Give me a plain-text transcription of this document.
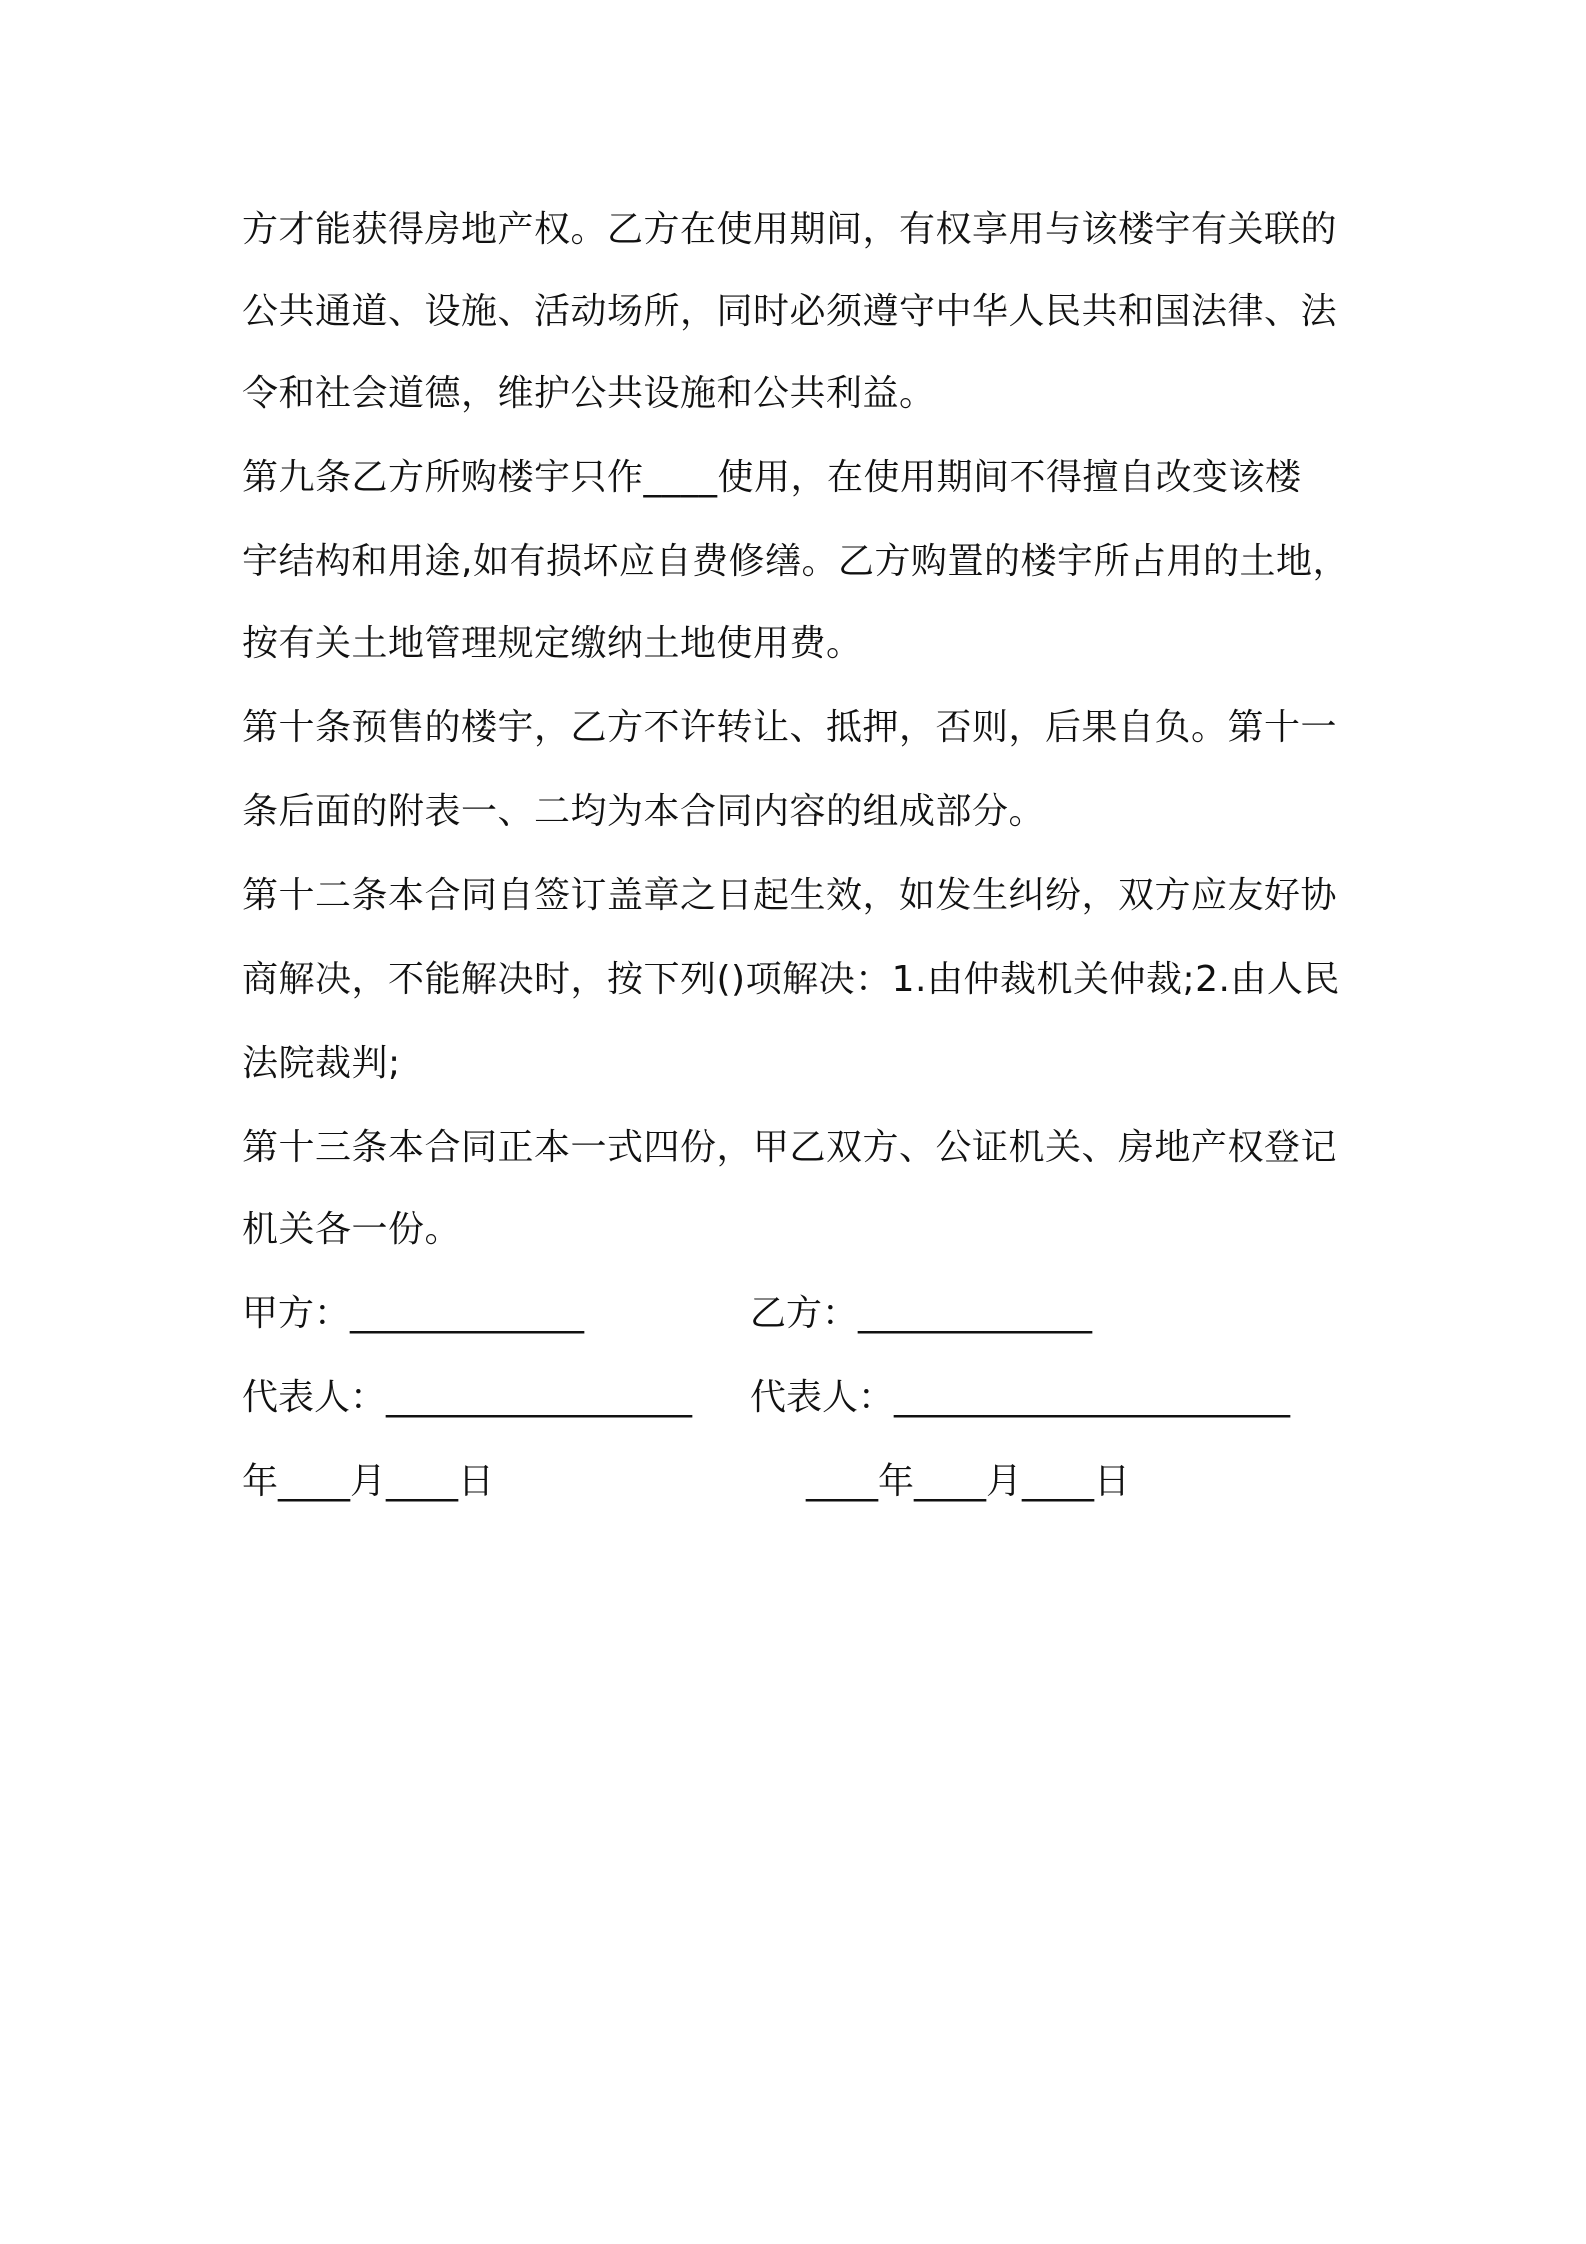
方才能获得房地产权。乙方在使用期间，有权享用与该楼宇有关联的
公共通道、设施、活动场所，同时必须遵守中华人民共和国法律、法
令和社会道德，维护公共设施和公共利益。
第九条乙方所购楼宇只作____使用，在使用期间不得擅自改变该楼
宇结构和用途,如有损坏应自费修缮。乙方购置的楼宇所占用的土地，
按有关土地管理规定缴纳土地使用费。
第十条预售的楼宇，乙方不许转让、抵押，否则，后果自负。第十一
条后面的附表一、二均为本合同内容的组成部分。
第十二条本合同自签订盖章之日起生效，如发生纠纷，双方应友好协
商解决，不能解决时，按下列()项解决：1.由仲裁机关仲裁;2.由人民
法院裁判;
第十三条本合同正本一式四份，甲乙双方、公证机关、房地产权登记
机关各一份。
甲方：_____________	乙方：_____________
代表人：_________________ 代表人：______________________
年____月____日	____年____月____日
